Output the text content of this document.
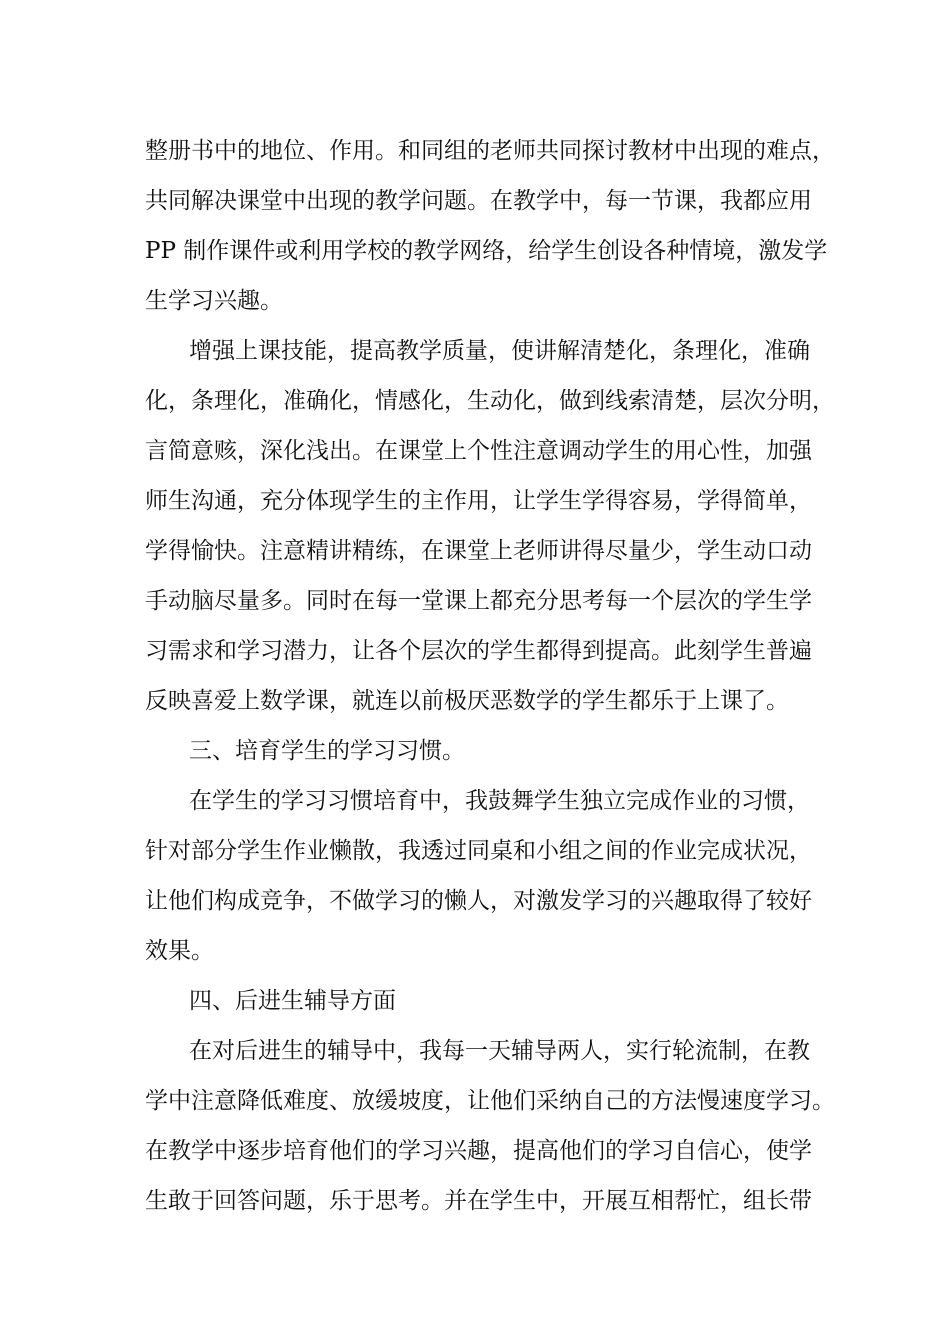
整册书中的地位、作用。和同组的老师共同探讨教材中出现的难点，

共同解决课堂中出现的教学问题。在教学中，每一节课，我都应用

PP 制作课件或利用学校的教学网络，给学生创设各种情境，激发学

生学习兴趣。

增强上课技能，提高教学质量，使讲解清楚化，条理化，准确

化，条理化，准确化，情感化，生动化，做到线索清楚，层次分明，

言简意赅，深化浅出。在课堂上个性注意调动学生的用心性，加强

师生沟通，充分体现学生的主作用，让学生学得容易，学得简单，

学得愉快。注意精讲精练，在课堂上老师讲得尽量少，学生动口动

手动脑尽量多。同时在每一堂课上都充分思考每一个层次的学生学

习需求和学习潜力，让各个层次的学生都得到提高。此刻学生普遍

反映喜爱上数学课，就连以前极厌恶数学的学生都乐于上课了。

三、培育学生的学习习惯。

在学生的学习习惯培育中，我鼓舞学生独立完成作业的习惯，

针对部分学生作业懒散，我透过同桌和小组之间的作业完成状况，

让他们构成竞争，不做学习的懒人，对激发学习的兴趣取得了较好

效果。

四、后进生辅导方面

在对后进生的辅导中，我每一天辅导两人，实行轮流制，在教

学中注意降低难度、放缓坡度，让他们采纳自己的方法慢速度学习。

在教学中逐步培育他们的学习兴趣，提高他们的学习自信心，使学

生敢于回答问题，乐于思考。并在学生中，开展互相帮忙，组长带
